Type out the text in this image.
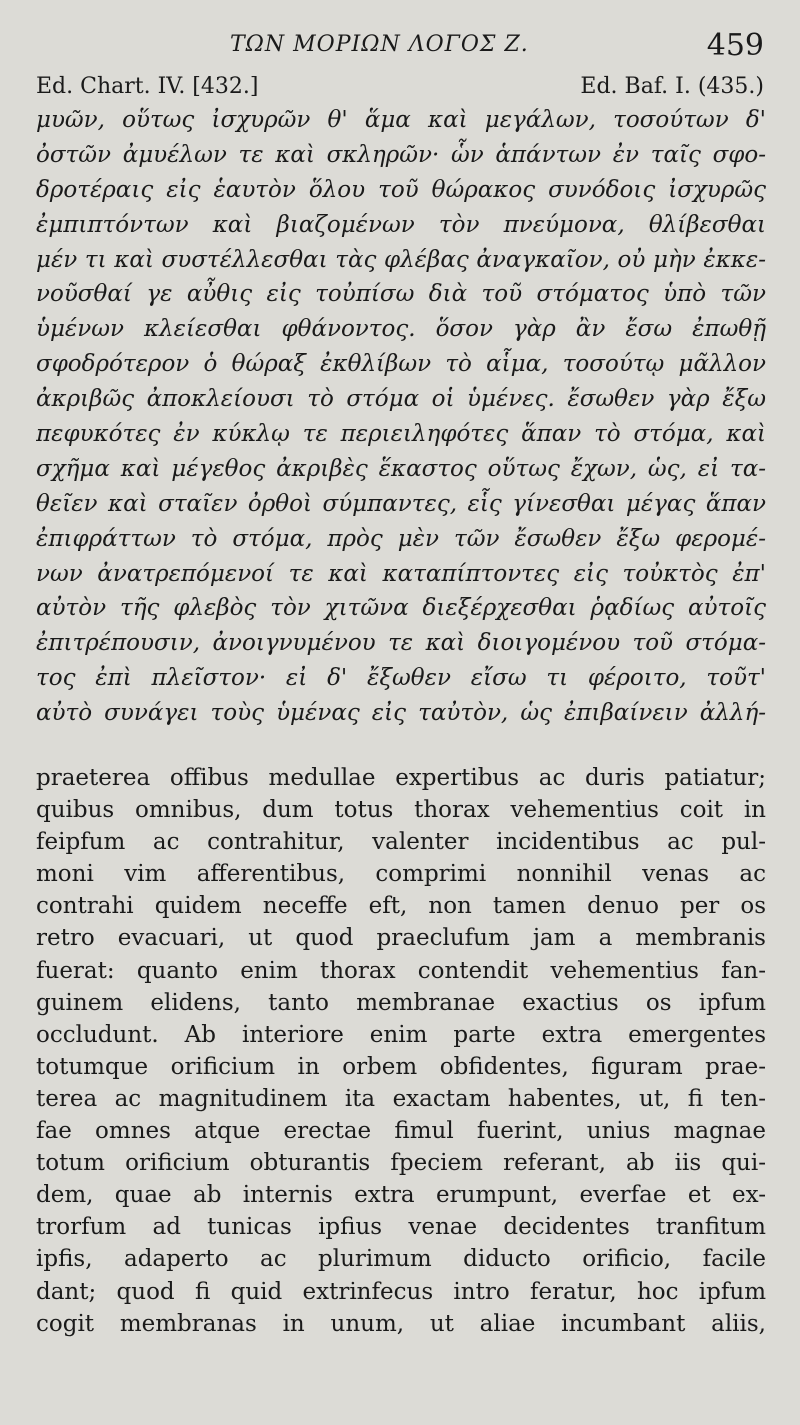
ΤΩΝ ΜΟΡΙΩΝ ΛΟΓΟΣ Ζ.	459
Ed. Chart. IV. [432.]	Ed. Baf. I. (435.)
μυῶν, οὕτως ἰσχυρῶν θ' ἅμα καὶ μεγάλων, τοσούτων δ'
ὀστῶν ἀμυέλων τε καὶ σκληρῶν· ὧν ἁπάντων ἐν ταῖς σφο-
δροτέραις εἰς ἑαυτὸν ὅλου τοῦ θώρακος συνόδοις ἰσχυρῶς
ἐμπιπτόντων καὶ βιαζομένων τὸν πνεύμονα, θλίβεσθαι
μέν τι καὶ συστέλλεσθαι τὰς φλέβας ἀναγκαῖον, οὐ μὴν ἐκκε-
νοῦσθαί γε αὖθις εἰς τοὐπίσω διὰ τοῦ στόματος ὑπὸ τῶν
ὑμένων κλείεσθαι φθάνοντος. ὅσον γὰρ ἂν ἔσω ἐπωθῇ
σφοδρότερον ὁ θώραξ ἐκθλίβων τὸ αἷμα, τοσούτῳ μᾶλλον
ἀκριβῶς ἀποκλείουσι τὸ στόμα οἱ ὑμένες. ἔσωθεν γὰρ ἔξω
πεφυκότες ἐν κύκλῳ τε περιειληφότες ἅπαν τὸ στόμα, καὶ
σχῆμα καὶ μέγεθος ἀκριβὲς ἕκαστος οὕτως ἔχων, ὡς, εἰ τα-
θεῖεν καὶ σταῖεν ὀρθοὶ σύμπαντες, εἷς γίνεσθαι μέγας ἅπαν
ἐπιφράττων τὸ στόμα, πρὸς μὲν τῶν ἔσωθεν ἔξω φερομέ-
νων ἀνατρεπόμενοί τε καὶ καταπίπτοντες εἰς τοὐκτὸς ἐπ'
αὐτὸν τῆς φλεβὸς τὸν χιτῶνα διεξέρχεσθαι ῥᾳδίως αὐτοῖς
ἐπιτρέπουσιν, ἀνοιγνυμένου τε καὶ διοιγομένου τοῦ στόμα-
τος ἐπὶ πλεῖστον· εἰ δ' ἔξωθεν εἴσω τι φέροιτο, τοῦτ'
αὐτὸ συνάγει τοὺς ὑμένας εἰς ταὐτὸν, ὡς ἐπιβαίνειν ἀλλή-
praeterea offibus medullae expertibus ac duris patiatur;
quibus omnibus, dum totus thorax vehementius coit in
feipfum ac contrahitur, valenter incidentibus ac pul-
moni vim afferentibus, comprimi nonnihil venas ac
contrahi quidem neceffe eft, non tamen denuo per os
retro evacuari, ut quod praeclufum jam a membranis
fuerat: quanto enim thorax contendit vehementius fan-
guinem elidens, tanto membranae exactius os ipfum
occludunt. Ab interiore enim parte extra emergentes
totumque orificium in orbem obfidentes, figuram prae-
terea ac magnitudinem ita exactam habentes, ut, fi ten-
fae omnes atque erectae fimul fuerint, unius magnae
totum orificium obturantis fpeciem referant, ab iis qui-
dem, quae ab internis extra erumpunt, everfae et ex-
trorfum ad tunicas ipfius venae decidentes tranfitum
ipfis, adaperto ac plurimum diducto orificio, facile
dant; quod fi quid extrinfecus intro feratur, hoc ipfum
cogit membranas in unum, ut aliae incumbant aliis,
